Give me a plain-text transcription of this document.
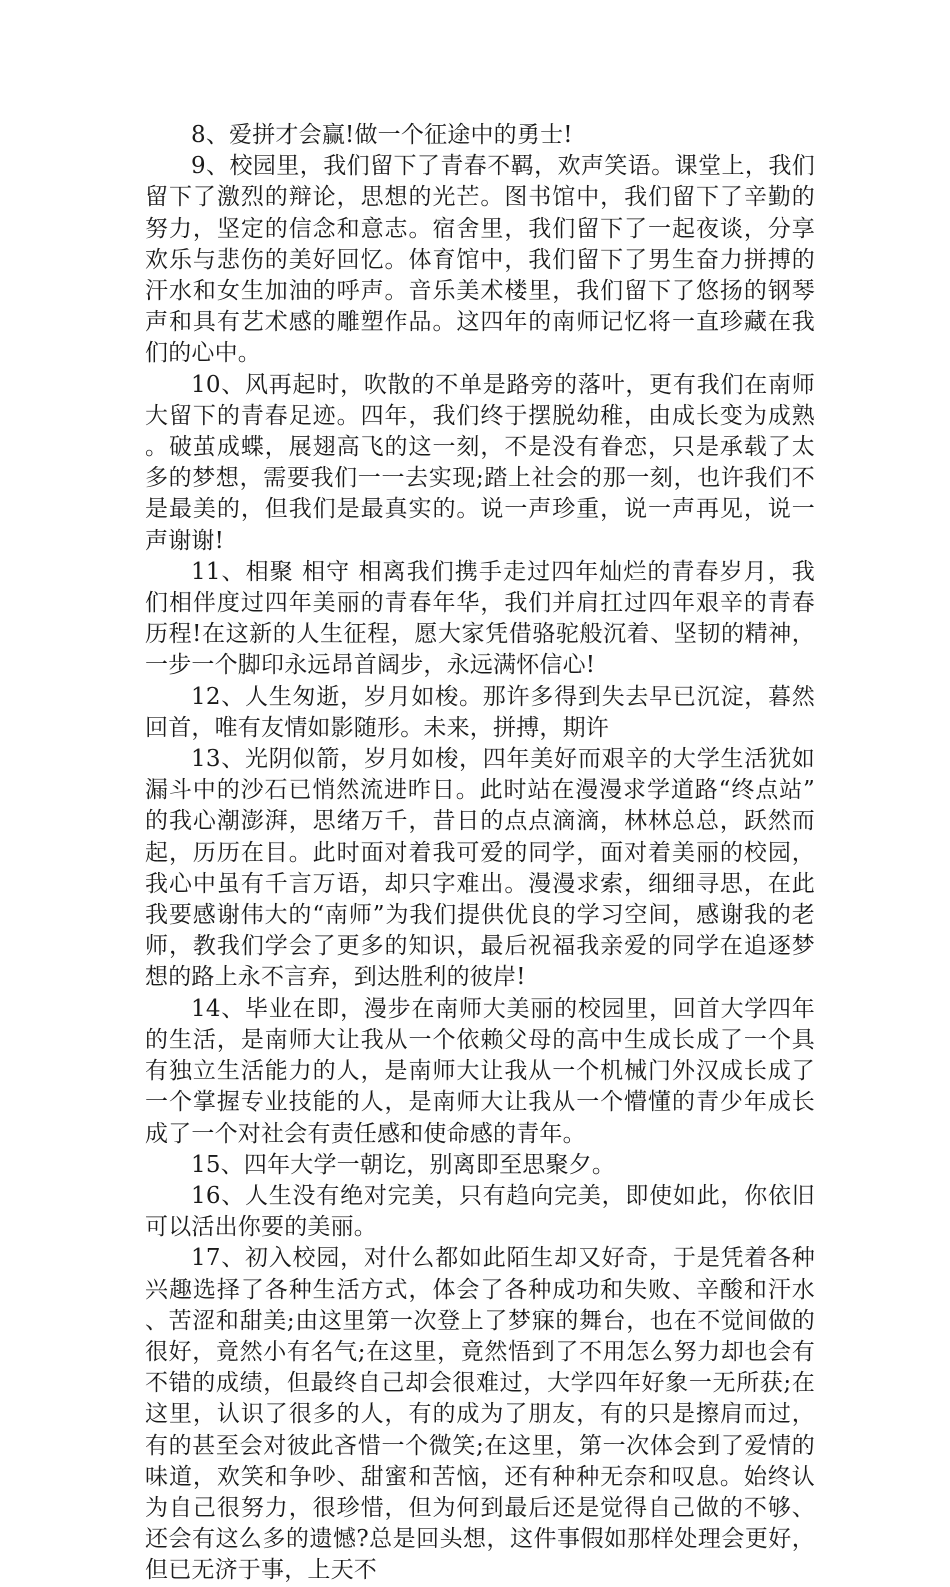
8、爱拼才会赢!做一个征途中的勇士!

9、校园里，我们留下了青春不羁，欢声笑语。课堂上，我们留下了激烈的辩论，思想的光芒。图书馆中，我们留下了辛勤的努力，坚定的信念和意志。宿舍里，我们留下了一起夜谈，分享欢乐与悲伤的美好回忆。体育馆中，我们留下了男生奋力拼搏的汗水和女生加油的呼声。音乐美术楼里，我们留下了悠扬的钢琴声和具有艺术感的雕塑作品。这四年的南师记忆将一直珍藏在我们的心中。

10、风再起时，吹散的不单是路旁的落叶，更有我们在南师大留下的青春足迹。四年，我们终于摆脱幼稚，由成长变为成熟。破茧成蝶，展翅高飞的这一刻，不是没有眷恋，只是承载了太多的梦想，需要我们一一去实现;踏上社会的那一刻，也许我们不是最美的，但我们是最真实的。说一声珍重，说一声再见，说一声谢谢!

11、相聚 相守 相离我们携手走过四年灿烂的青春岁月，我们相伴度过四年美丽的青春年华，我们并肩扛过四年艰辛的青春历程!在这新的人生征程，愿大家凭借骆驼般沉着、坚韧的精神，一步一个脚印永远昂首阔步，永远满怀信心!

12、人生匆逝，岁月如梭。那许多得到失去早已沉淀，暮然回首，唯有友情如影随形。未来，拼搏，期许

13、光阴似箭，岁月如梭，四年美好而艰辛的大学生活犹如漏斗中的沙石已悄然流进昨日。此时站在漫漫求学道路“终点站”的我心潮澎湃，思绪万千，昔日的点点滴滴，林林总总，跃然而起，历历在目。此时面对着我可爱的同学，面对着美丽的校园，我心中虽有千言万语，却只字难出。漫漫求索，细细寻思，在此我要感谢伟大的“南师”为我们提供优良的学习空间，感谢我的老师，教我们学会了更多的知识，最后祝福我亲爱的同学在追逐梦想的路上永不言弃，到达胜利的彼岸!

14、毕业在即，漫步在南师大美丽的校园里，回首大学四年的生活，是南师大让我从一个依赖父母的高中生成长成了一个具有独立生活能力的人，是南师大让我从一个机械门外汉成长成了一个掌握专业技能的人，是南师大让我从一个懵懂的青少年成长成了一个对社会有责任感和使命感的青年。

15、四年大学一朝讫，别离即至思聚夕。

16、人生没有绝对完美，只有趋向完美，即使如此，你依旧可以活出你要的美丽。

17、初入校园，对什么都如此陌生却又好奇，于是凭着各种兴趣选择了各种生活方式，体会了各种成功和失败、辛酸和汗水、苦涩和甜美;由这里第一次登上了梦寐的舞台，也在不觉间做的很好，竟然小有名气;在这里，竟然悟到了不用怎么努力却也会有不错的成绩，但最终自己却会很难过，大学四年好象一无所获;在这里，认识了很多的人，有的成为了朋友，有的只是擦肩而过，有的甚至会对彼此吝惜一个微笑;在这里，第一次体会到了爱情的味道，欢笑和争吵、甜蜜和苦恼，还有种种无奈和叹息。始终认为自己很努力，很珍惜，但为何到最后还是觉得自己做的不够、还会有这么多的遗憾?总是回头想，这件事假如那样处理会更好，但已无济于事，上天不
